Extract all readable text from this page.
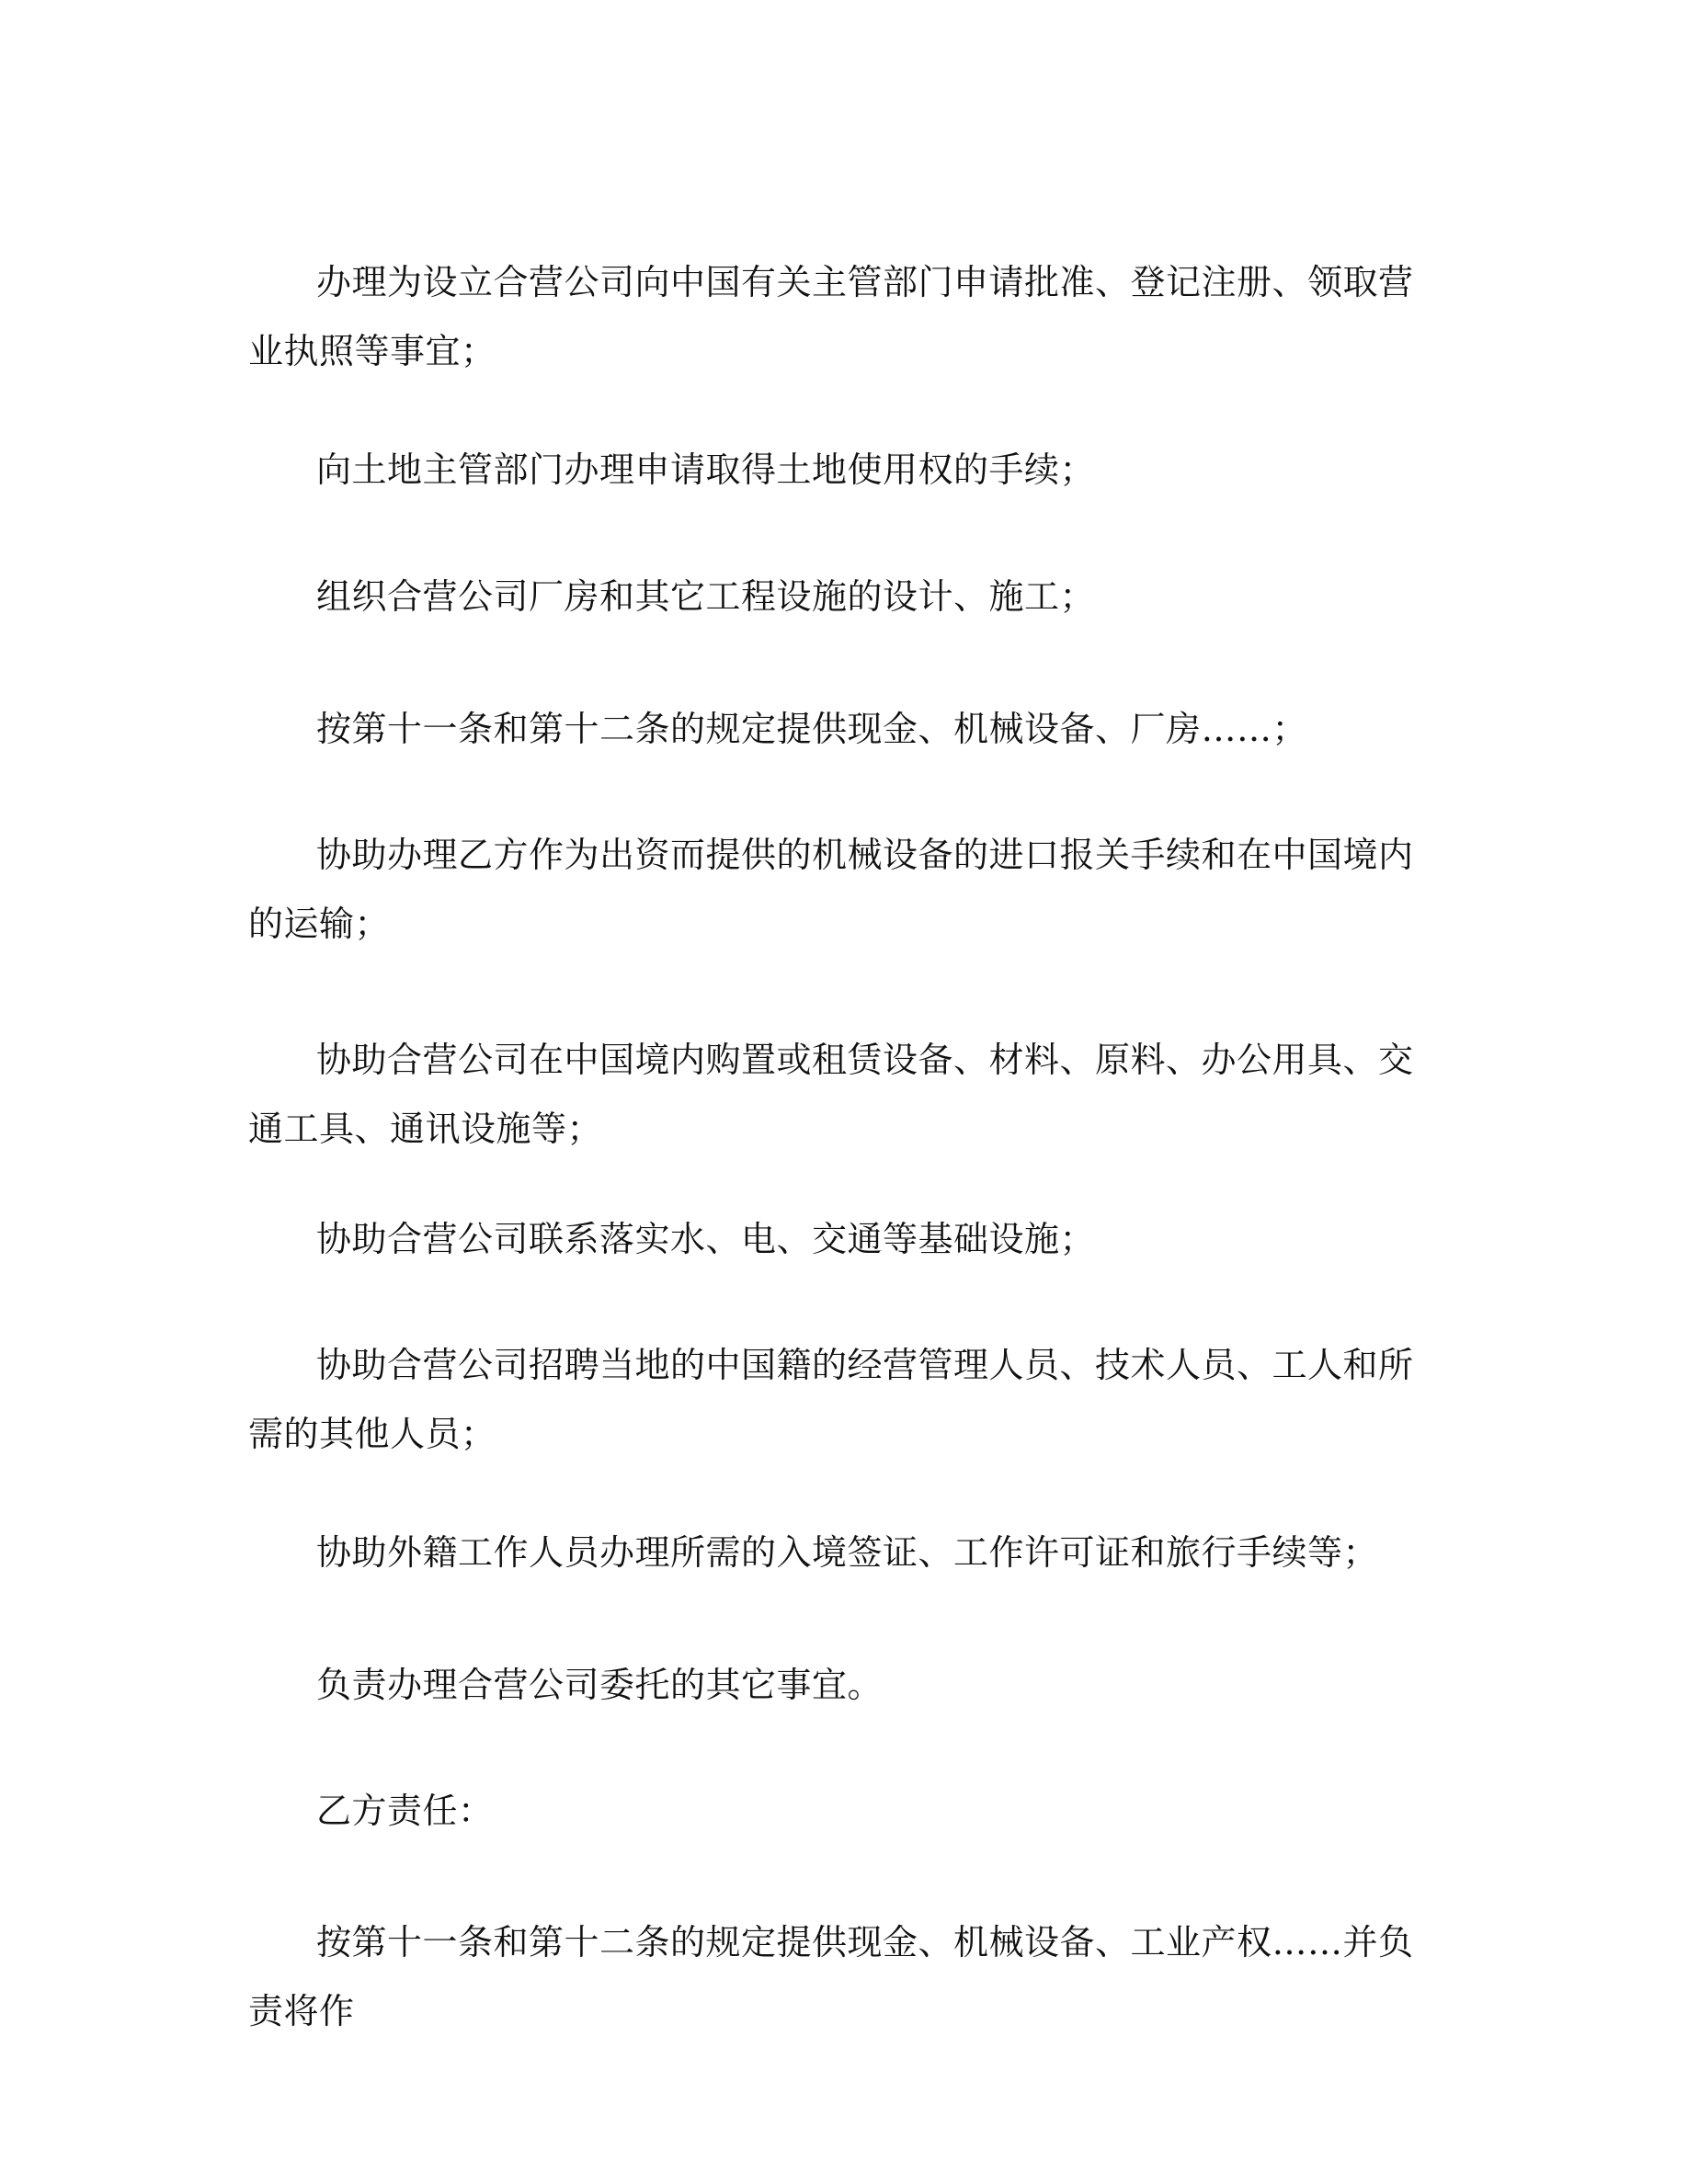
办理为设立合营公司向中国有关主管部门申请批准、登记注册、领取营业执照等事宜；

向土地主管部门办理申请取得土地使用权的手续；

组织合营公司厂房和其它工程设施的设计、施工；

按第十一条和第十二条的规定提供现金、机械设备、厂房……；

协助办理乙方作为出资而提供的机械设备的进口报关手续和在中国境内的运输；

协助合营公司在中国境内购置或租赁设备、材料、原料、办公用具、交通工具、通讯设施等；

协助合营公司联系落实水、电、交通等基础设施；

协助合营公司招聘当地的中国籍的经营管理人员、技术人员、工人和所需的其他人员；

协助外籍工作人员办理所需的入境签证、工作许可证和旅行手续等；

负责办理合营公司委托的其它事宜。

乙方责任：

按第十一条和第十二条的规定提供现金、机械设备、工业产权……并负责将作
